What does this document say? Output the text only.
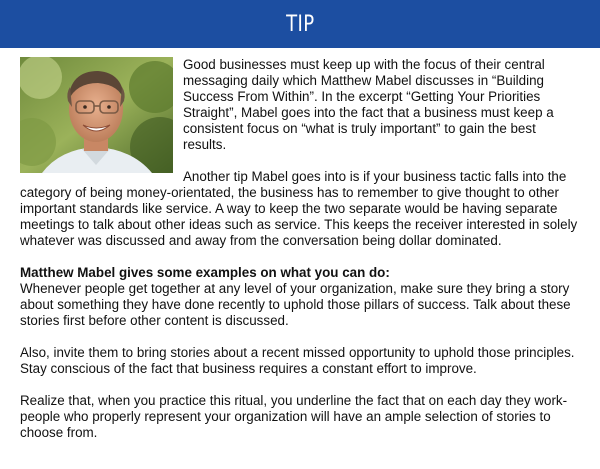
TIP

Good businesses must keep up with the focus of their central messaging daily which Matthew Mabel discusses in “Building Success From Within”. In the excerpt “Getting Your Priorities Straight”, Mabel goes into the fact that a business must keep a consistent focus on “what is truly important” to gain the best results.

Another tip Mabel goes into is if your business tactic falls into the category of being money-orientated, the business has to remember to give thought to other important standards like service. A way to keep the two separate would be having separate meetings to talk about other ideas such as service. This keeps the receiver interested in solely whatever was discussed and away from the conversation being dollar dominated.

Matthew Mabel gives some examples on what you can do:

Whenever people get together at any level of your organization, make sure they bring a story about something they have done recently to uphold those pillars of success. Talk about these stories first before other content is discussed.

Also, invite them to bring stories about a recent missed opportunity to uphold those principles. Stay conscious of the fact that business requires a constant effort to improve.

Realize that, when you practice this ritual, you underline the fact that on each day they work-people who properly represent your organization will have an ample selection of stories to choose from.
